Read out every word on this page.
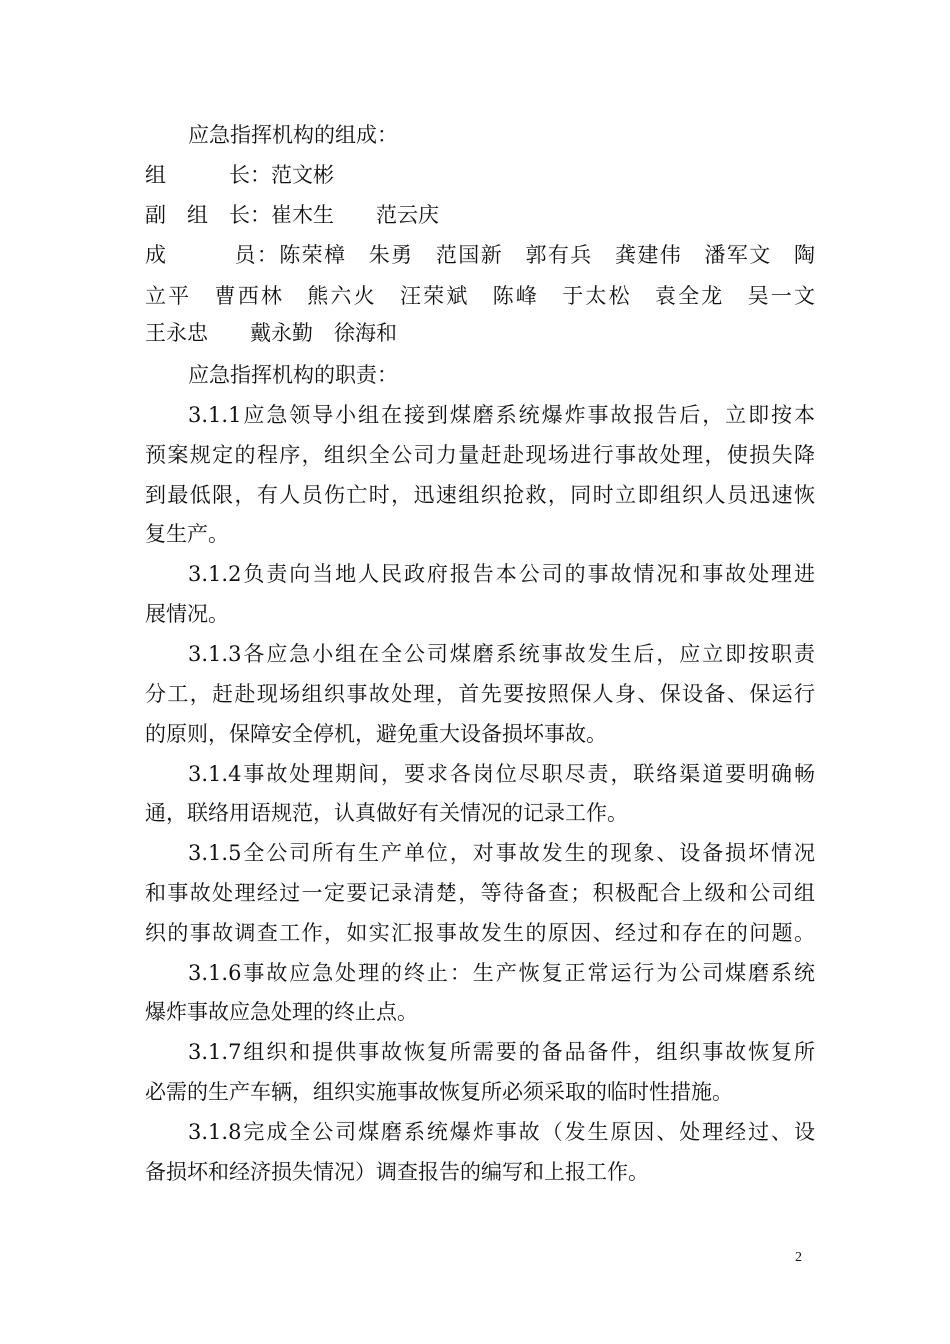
应急指挥机构的组成：
组　　　长：范文彬
副　组　长：崔木生　　范云庆
成　　　员：陈荣樟　朱勇　范国新　郭有兵　龚建伟　潘军文　陶
立平　曹西林　熊六火　汪荣斌　陈峰　于太松　袁全龙　吴一文
王永忠　　戴永勤　徐海和
应急指挥机构的职责：
3.1.1应急领导小组在接到煤磨系统爆炸事故报告后，立即按本
预案规定的程序，组织全公司力量赶赴现场进行事故处理，使损失降
到最低限，有人员伤亡时，迅速组织抢救，同时立即组织人员迅速恢
复生产。
3.1.2负责向当地人民政府报告本公司的事故情况和事故处理进
展情况。
3.1.3各应急小组在全公司煤磨系统事故发生后，应立即按职责
分工，赶赴现场组织事故处理，首先要按照保人身、保设备、保运行
的原则，保障安全停机，避免重大设备损坏事故。
3.1.4事故处理期间，要求各岗位尽职尽责，联络渠道要明确畅
通，联络用语规范，认真做好有关情况的记录工作。
3.1.5全公司所有生产单位，对事故发生的现象、设备损坏情况
和事故处理经过一定要记录清楚，等待备查；积极配合上级和公司组
织的事故调查工作，如实汇报事故发生的原因、经过和存在的问题。
3.1.6事故应急处理的终止：生产恢复正常运行为公司煤磨系统
爆炸事故应急处理的终止点。
3.1.7组织和提供事故恢复所需要的备品备件，组织事故恢复所
必需的生产车辆，组织实施事故恢复所必须采取的临时性措施。
3.1.8完成全公司煤磨系统爆炸事故（发生原因、处理经过、设
备损坏和经济损失情况）调查报告的编写和上报工作。
2
